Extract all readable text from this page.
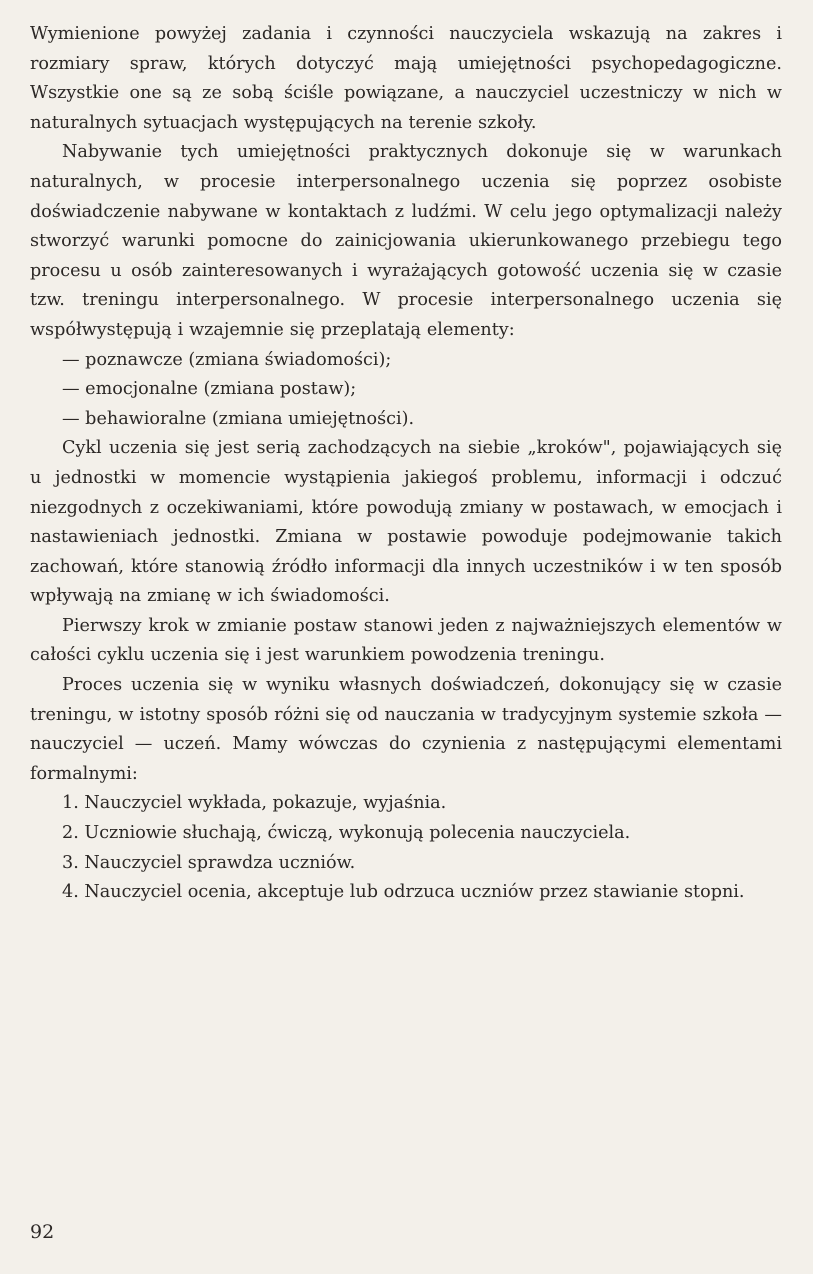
Wymienione powyżej zadania i czynności nauczyciela wskazują na zakres i rozmiary spraw, których dotyczyć mają umiejętności psychopedagogiczne. Wszystkie one są ze sobą ściśle powiązane, a nauczyciel uczestniczy w nich w naturalnych sytuacjach występujących na terenie szkoły.

Nabywanie tych umiejętności praktycznych dokonuje się w warunkach naturalnych, w procesie interpersonalnego uczenia się poprzez osobiste doświadczenie nabywane w kontaktach z ludźmi. W celu jego optymalizacji należy stworzyć warunki pomocne do zainicjowania ukierunkowanego przebiegu tego procesu u osób zainteresowanych i wyrażających gotowość uczenia się w czasie tzw. treningu interpersonalnego. W procesie interpersonalnego uczenia się współwystępują i wzajemnie się przeplatają elementy:

— poznawcze (zmiana świadomości);
— emocjonalne (zmiana postaw);
— behawioralne (zmiana umiejętności).

Cykl uczenia się jest serią zachodzących na siebie „kroków", pojawiających się u jednostki w momencie wystąpienia jakiegoś problemu, informacji i odczuć niezgodnych z oczekiwaniami, które powodują zmiany w postawach, w emocjach i nastawieniach jednostki. Zmiana w postawie powoduje podejmowanie takich zachowań, które stanowią źródło informacji dla innych uczestników i w ten sposób wpływają na zmianę w ich świadomości.

Pierwszy krok w zmianie postaw stanowi jeden z najważniejszych elementów w całości cyklu uczenia się i jest warunkiem powodzenia treningu.

Proces uczenia się w wyniku własnych doświadczeń, dokonujący się w czasie treningu, w istotny sposób różni się od nauczania w tradycyjnym systemie szkoła — nauczyciel — uczeń. Mamy wówczas do czynienia z następującymi elementami formalnymi:

1. Nauczyciel wykłada, pokazuje, wyjaśnia.
2. Uczniowie słuchają, ćwiczą, wykonują polecenia nauczyciela.
3. Nauczyciel sprawdza uczniów.
4. Nauczyciel ocenia, akceptuje lub odrzuca uczniów przez stawianie stopni.
92
